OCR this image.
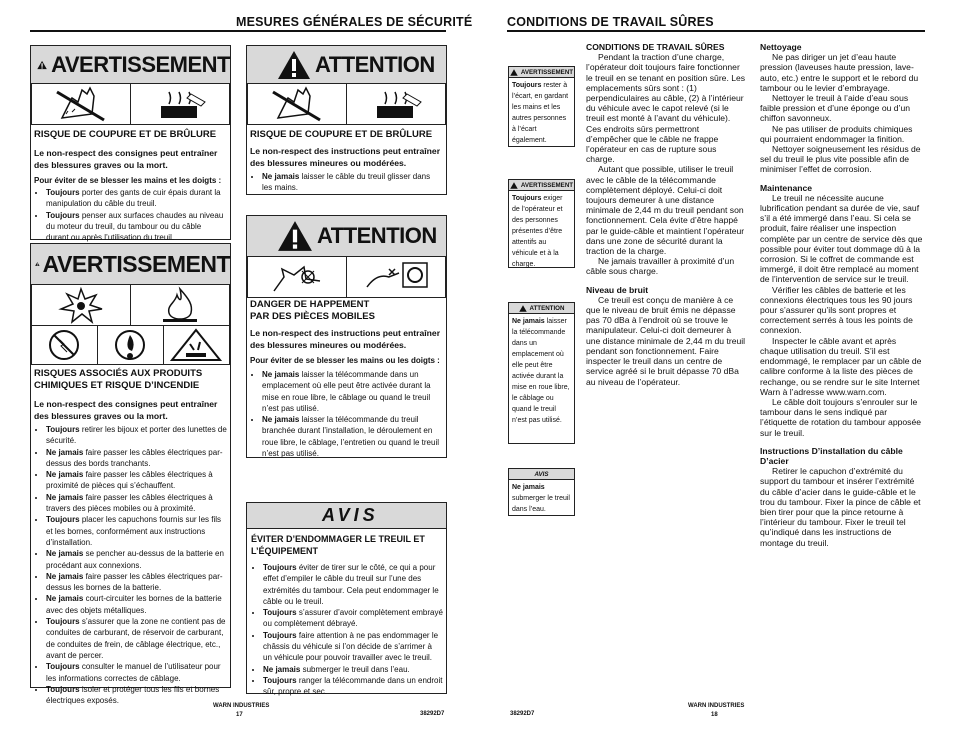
MESURES GÉNÉRALES DE SÉCURITÉ
AVERTISSEMENT
RISQUE DE COUPURE ET DE BRÛLURE
Le non-respect des consignes peut entraîner des blessures graves ou la mort.
Pour éviter de se blesser les mains et les doigts :
• Toujours porter des gants de cuir épais durant la manipulation du câble du treuil.
• Toujours penser aux surfaces chaudes au niveau du moteur du treuil, du tambour ou du câble durant ou après l’utilisation du treuil.
ATTENTION
RISQUE DE COUPURE ET DE BRÛLURE
Le non-respect des instructions peut entraîner des blessures mineures ou modérées.
• Ne jamais laisser le câble du treuil glisser dans les mains.
AVERTISSEMENT
RISQUES ASSOCIÉS AUX PRODUITS CHIMIQUES ET RISQUE D’INCENDIE
Le non-respect des consignes peut entraîner des blessures graves ou la mort.
• Toujours retirer les bijoux et porter des lunettes de sécurité.
• Ne jamais faire passer les câbles électriques par-dessus des bords tranchants.
• Ne jamais faire passer les câbles électriques à proximité de pièces qui s’échauffent.
• Ne jamais faire passer les câbles électriques à travers des pièces mobiles ou à proximité.
• Toujours placer les capuchons fournis sur les fils et les bornes, conformément aux instructions d’installation.
• Ne jamais se pencher au-dessus de la batterie en procédant aux connexions.
• Ne jamais faire passer les câbles électriques par-dessus les bornes de la batterie.
• Ne jamais court-circuiter les bornes de la batterie avec des objets métalliques.
• Toujours s’assurer que la zone ne contient pas de conduites de carburant, de réservoir de carburant, de conduites de frein, de câblage électrique, etc., avant de percer.
• Toujours consulter le manuel de l’utilisateur pour les informations correctes de câblage.
• Toujours isoler et protéger tous les fils et bornes électriques exposés.
ATTENTION
DANGER DE HAPPEMENT PAR DES PIÈCES MOBILES
Le non-respect des instructions peut entraîner des blessures mineures ou modérées.
Pour éviter de se blesser les mains ou les doigts :
• Ne jamais laisser la télécommande dans un emplacement où elle peut être activée durant la mise en roue libre, le câblage ou quand le treuil n’est pas utilisé.
• Ne jamais laisser la télécommande du treuil branchée durant l’installation, le déroulement en roue libre, le câblage, l’entretien ou quand le treuil n’est pas utilisé.
AVIS
ÉVITER D’ENDOMMAGER LE TREUIL ET L’ÉQUIPEMENT
• Toujours éviter de tirer sur le côté, ce qui a pour effet d’empiler le câble du treuil sur l’une des extrémités du tambour. Cela peut endommager le câble ou le treuil.
• Toujours s’assurer d’avoir complètement embrayé ou complètement débrayé.
• Toujours faire attention à ne pas endommager le châssis du véhicule si l’on décide de s’arrimer à un véhicule pour pouvoir travailler avec le treuil.
• Ne jamais submerger le treuil dans l’eau.
• Toujours ranger la télécommande dans un endroit sûr, propre et sec.
WARN INDUSTRIES
17	38292D7
CONDITIONS DE TRAVAIL SÛRES
AVERTISSEMENT
Toujours rester à l’écart, en gardant les mains et les autres personnes à l’écart également.
AVERTISSEMENT
Toujours exiger de l’opérateur et des personnes présentes d’être attentifs au véhicule et à la charge.
ATTENTION
Ne jamais laisser la télécommande dans un emplacement où elle peut être activée durant la mise en roue libre, le câblage ou quand le treuil n’est pas utilisé.
AVIS
Ne jamais submerger le treuil dans l’eau.

CONDITIONS DE TRAVAIL SÛRES

Pendant la traction d’une charge, l’opérateur doit toujours faire fonctionner le treuil en se tenant en position sûre. Les emplacements sûrs sont : (1) perpendiculaires au câble, (2) à l’intérieur du véhicule avec le capot relevé (si le treuil est monté à l’avant du véhicule). Ces endroits sûrs permettront d’empêcher que le câble ne frappe l’opérateur en cas de rupture sous charge.

Autant que possible, utiliser le treuil avec le câble de la télécommande complètement déployé. Celui-ci doit toujours demeurer à une distance minimale de 2,44 m du treuil pendant son fonctionnement. Cela évite d’être happé par le guide-câble et maintient l’opérateur dans une zone de sécurité durant la traction de la charge.

Ne jamais travailler à proximité d’un câble sous charge.

Niveau de bruit

Ce treuil est conçu de manière à ce que le niveau de bruit émis ne dépasse pas 70 dBa à l’endroit où se trouve le manipulateur. Celui-ci doit demeurer à une distance minimale de 2,44 m du treuil pendant son fonctionnement. Faire inspecter le treuil dans un centre de service agréé si le bruit dépasse 70 dBa au niveau de l’opérateur.

Nettoyage

Ne pas diriger un jet d’eau haute pression (laveuses haute pression, lave-auto, etc.) entre le support et le rebord du tambour ou le levier d’embrayage.

Nettoyer le treuil à l’aide d’eau sous faible pression et d’une éponge ou d’un chiffon savonneux.

Ne pas utiliser de produits chimiques qui pourraient endommager la finition.

Nettoyer soigneusement les résidus de sel du treuil le plus vite possible afin de minimiser l’effet de corrosion.

Maintenance

Le treuil ne nécessite aucune lubrification pendant sa durée de vie, sauf s’il a été immergé dans l’eau. Si cela se produit, faire réaliser une inspection complète par un centre de service dès que possible pour éviter tout dommage dû à la corrosion. Si le coffret de commande est immergé, il doit être remplacé au moment de l’intervention de service sur le treuil.

Vérifier les câbles de batterie et les connexions électriques tous les 90 jours pour s’assurer qu’ils sont propres et correctement serrés à tous les points de connexion.

Inspecter le câble avant et après chaque utilisation du treuil. S’il est endommagé, le remplacer par un câble de calibre conforme à la liste des pièces de rechange, ou se rendre sur le site Internet Warn à l’adresse www.warn.com.

Le câble doit toujours s’enrouler sur le tambour dans le sens indiqué par l’étiquette de rotation du tambour apposée sur le treuil.

Instructions D’installation du câble D’acier

Retirer le capuchon d’extrémité du support du tambour et insérer l’extrémité du câble d’acier dans le guide-câble et le trou du tambour. Fixer la pince de câble et bien tirer pour que la pince retourne à l’intérieur du tambour. Fixer le treuil tel qu’indiqué dans les instructions de montage du treuil.

38292D7
WARN INDUSTRIES
18
